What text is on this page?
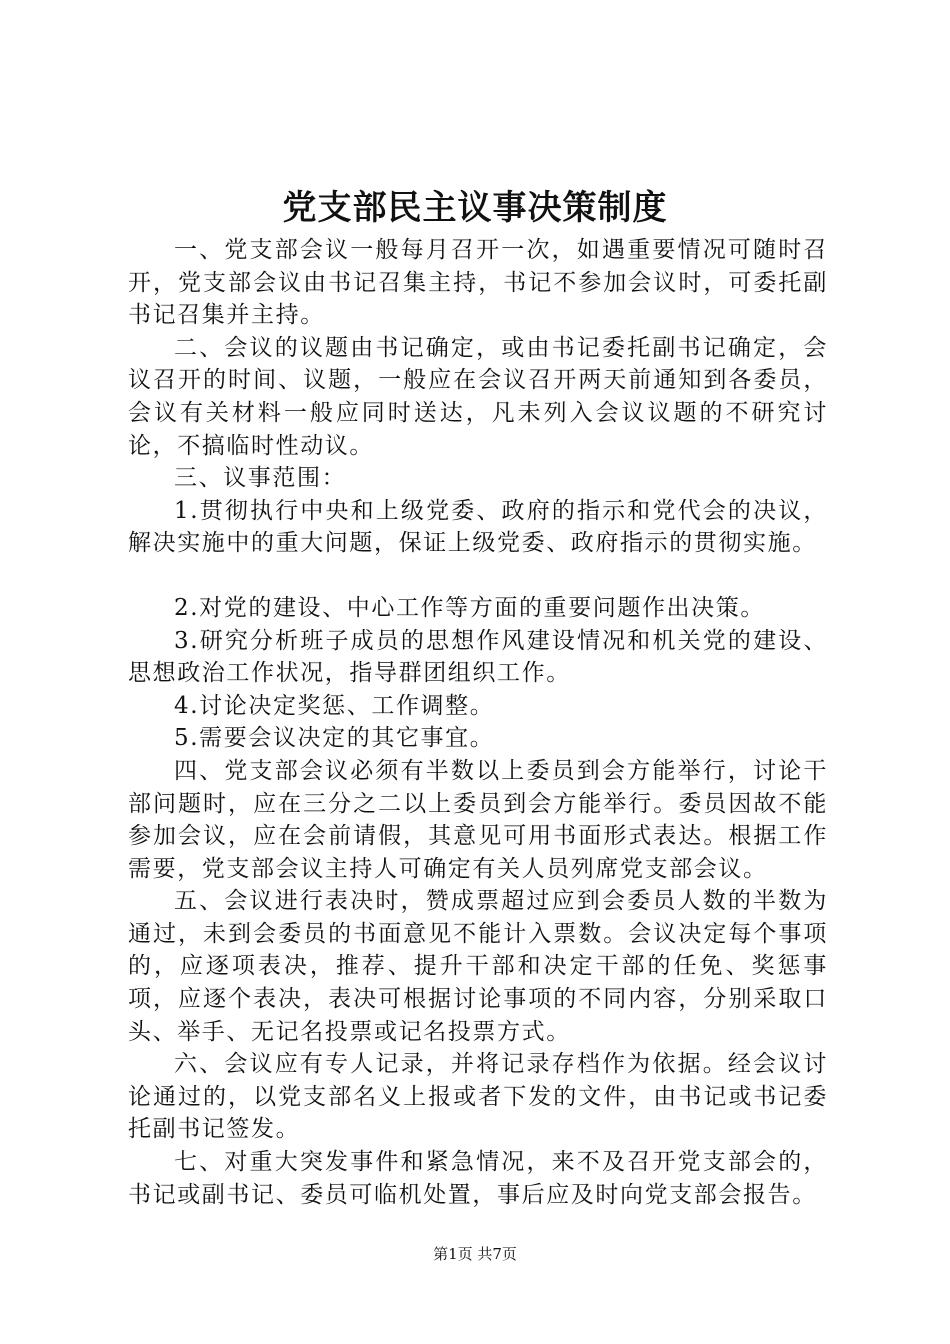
党支部民主议事决策制度

一、党支部会议一般每月召开一次，如遇重要情况可随时召开，党支部会议由书记召集主持，书记不参加会议时，可委托副书记召集并主持。

二、会议的议题由书记确定，或由书记委托副书记确定，会议召开的时间、议题，一般应在会议召开两天前通知到各委员，会议有关材料一般应同时送达，凡未列入会议议题的不研究讨论，不搞临时性动议。

三、议事范围：

1.贯彻执行中央和上级党委、政府的指示和党代会的决议，解决实施中的重大问题，保证上级党委、政府指示的贯彻实施。

2.对党的建设、中心工作等方面的重要问题作出决策。

3.研究分析班子成员的思想作风建设情况和机关党的建设、思想政治工作状况，指导群团组织工作。

4.讨论决定奖惩、工作调整。

5.需要会议决定的其它事宜。

四、党支部会议必须有半数以上委员到会方能举行，讨论干部问题时，应在三分之二以上委员到会方能举行。委员因故不能参加会议，应在会前请假，其意见可用书面形式表达。根据工作需要，党支部会议主持人可确定有关人员列席党支部会议。

五、会议进行表决时，赞成票超过应到会委员人数的半数为通过，未到会委员的书面意见不能计入票数。会议决定每个事项的，应逐项表决，推荐、提升干部和决定干部的任免、奖惩事项，应逐个表决，表决可根据讨论事项的不同内容，分别采取口头、举手、无记名投票或记名投票方式。

六、会议应有专人记录，并将记录存档作为依据。经会议讨论通过的，以党支部名义上报或者下发的文件，由书记或书记委托副书记签发。

七、对重大突发事件和紧急情况，来不及召开党支部会的，书记或副书记、委员可临机处置，事后应及时向党支部会报告。

第1页 共7页
